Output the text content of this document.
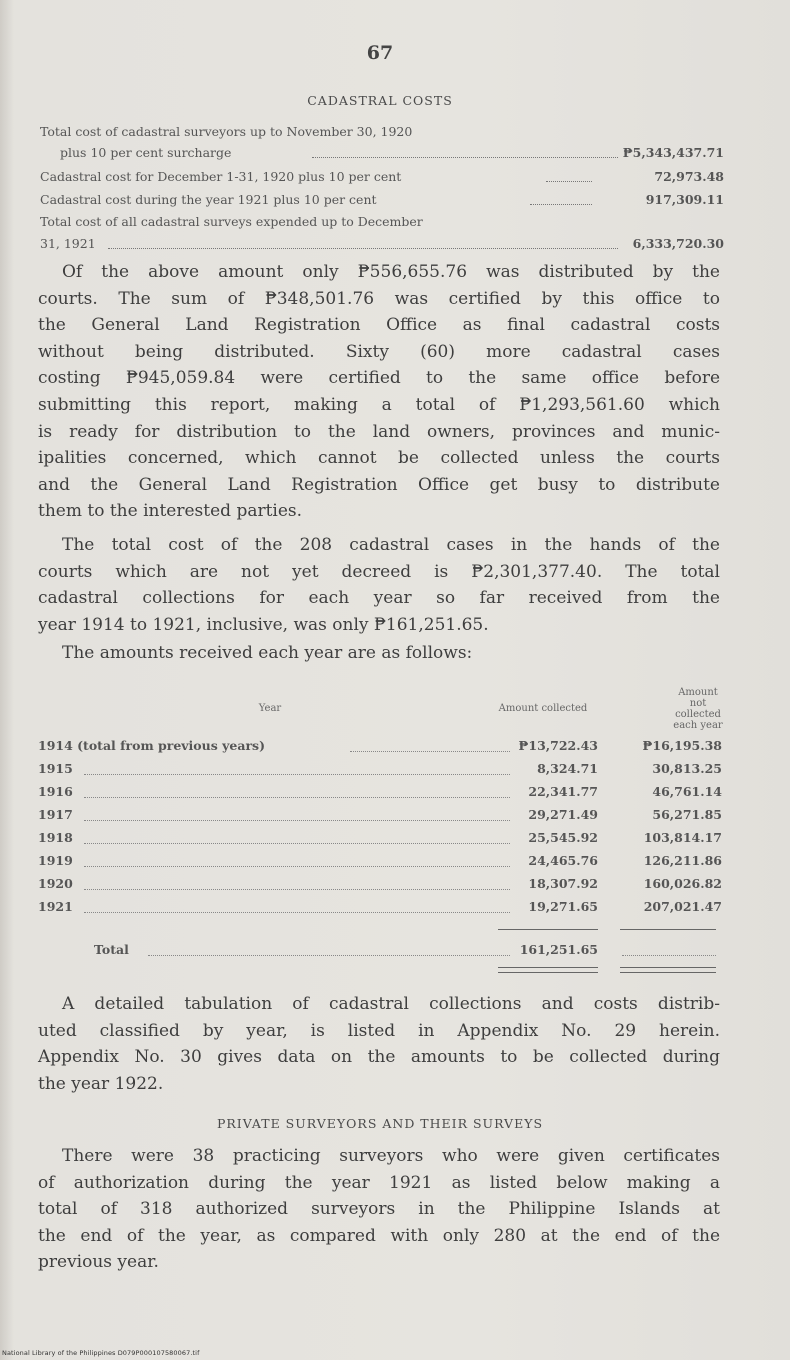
67
CADASTRAL COSTS
Total cost of cadastral surveyors up to November 30, 1920
plus 10 per cent surcharge	₱5,343,437.71
Cadastral cost for December 1-31, 1920 plus 10 per cent	72,973.48
Cadastral cost during the year 1921 plus 10 per cent	917,309.11
Total cost of all cadastral surveys expended up to December
31, 1921	6,333,720.30
Of the above amount only ₱556,655.76 was distributed by the
courts. The sum of ₱348,501.76 was certified by this office to
the General Land Registration Office as final cadastral costs
without being distributed. Sixty (60) more cadastral cases
costing ₱945,059.84 were certified to the same office before
submitting this report, making a total of ₱1,293,561.60 which
is ready for distribution to the land owners, provinces and munic-
ipalities concerned, which cannot be collected unless the courts
and the General Land Registration Office get busy to distribute
them to the interested parties.
The total cost of the 208 cadastral cases in the hands of the
courts which are not yet decreed is ₱2,301,377.40. The total
cadastral collections for each year so far received from the
year 1914 to 1921, inclusive, was only ₱161,251.65.
The amounts received each year are as follows:
Year	Amount collected
Amount not collected each year
1914 (total from previous years)	₱13,722.43	₱16,195.38
1915	8,324.71	30,813.25
1916	22,341.77	46,761.14
1917	29,271.49	56,271.85
1918	25,545.92	103,814.17
1919	24,465.76	126,211.86
1920	18,307.92	160,026.82
1921	19,271.65	207,021.47
Total	161,251.65
A detailed tabulation of cadastral collections and costs distrib-
uted classified by year, is listed in Appendix No. 29 herein.
Appendix No. 30 gives data on the amounts to be collected during
the year 1922.
PRIVATE SURVEYORS AND THEIR SURVEYS
There were 38 practicing surveyors who were given certificates
of authorization during the year 1921 as listed below making a
total of 318 authorized surveyors in the Philippine Islands at
the end of the year, as compared with only 280 at the end of the
previous year.
National Library of the Philippines D079P000107580067.tif
